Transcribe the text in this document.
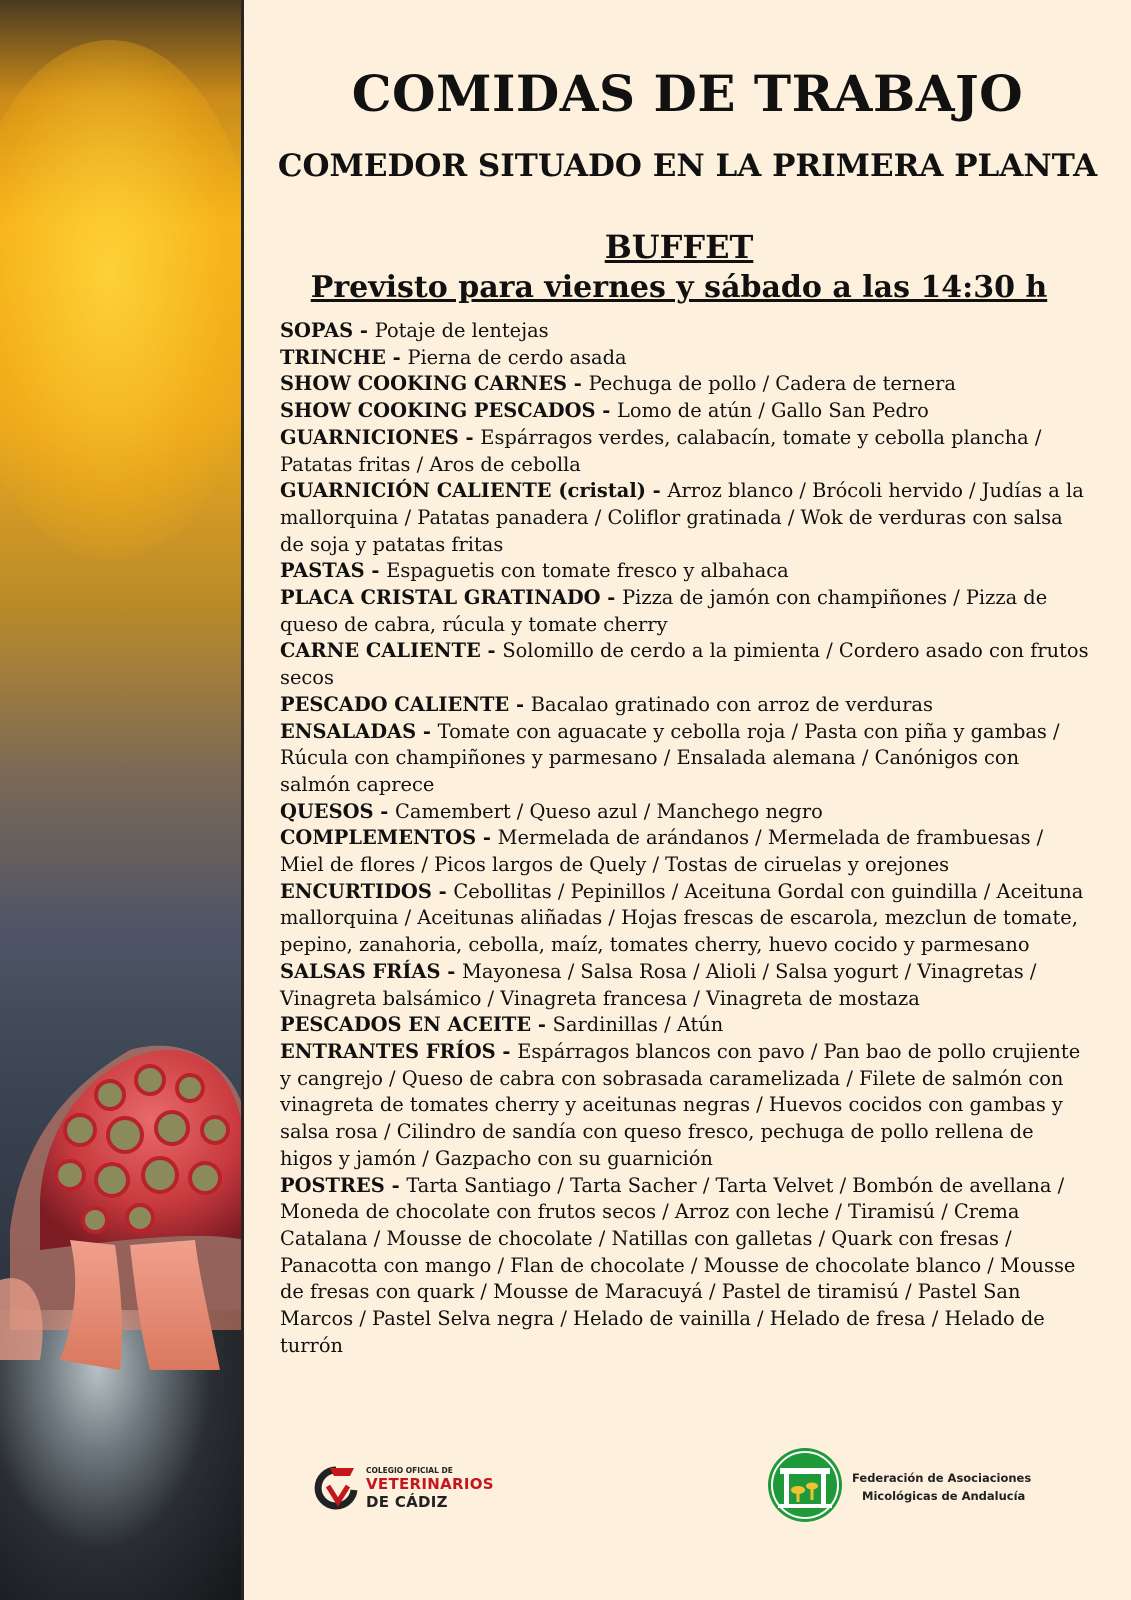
COMIDAS DE TRABAJO
COMEDOR SITUADO EN LA PRIMERA PLANTA
BUFFET
Previsto para viernes y sábado a las 14:30 h

SOPAS - Potaje de lentejas

TRINCHE - Pierna de cerdo asada

SHOW COOKING CARNES - Pechuga de pollo / Cadera de ternera

SHOW COOKING PESCADOS - Lomo de atún / Gallo San Pedro

GUARNICIONES - Espárragos verdes, calabacín, tomate y cebolla plancha / Patatas fritas / Aros de cebolla

GUARNICIÓN CALIENTE (cristal) - Arroz blanco / Brócoli hervido / Judías a la mallorquina / Patatas panadera / Coliflor gratinada / Wok de verduras con salsa de soja y patatas fritas

PASTAS - Espaguetis con tomate fresco y albahaca

PLACA CRISTAL GRATINADO - Pizza de jamón con champiñones / Pizza de queso de cabra, rúcula y tomate cherry

CARNE CALIENTE - Solomillo de cerdo a la pimienta / Cordero asado con frutos secos

PESCADO CALIENTE - Bacalao gratinado con arroz de verduras

ENSALADAS - Tomate con aguacate y cebolla roja / Pasta con piña y gambas / Rúcula con champiñones y parmesano / Ensalada alemana / Canónigos con salmón caprece

QUESOS - Camembert / Queso azul / Manchego negro

COMPLEMENTOS - Mermelada de arándanos / Mermelada de frambuesas / Miel de flores / Picos largos de Quely / Tostas de ciruelas y orejones

ENCURTIDOS - Cebollitas / Pepinillos / Aceituna Gordal con guindilla / Aceituna mallorquina / Aceitunas aliñadas / Hojas frescas de escarola, mezclun de tomate, pepino, zanahoria, cebolla, maíz, tomates cherry, huevo cocido y parmesano

SALSAS FRÍAS - Mayonesa / Salsa Rosa / Alioli / Salsa yogurt / Vinagretas / Vinagreta balsámico / Vinagreta francesa / Vinagreta de mostaza

PESCADOS EN ACEITE - Sardinillas / Atún

ENTRANTES FRÍOS - Espárragos blancos con pavo / Pan bao de pollo crujiente y cangrejo / Queso de cabra con sobrasada caramelizada / Filete de salmón con vinagreta de tomates cherry y aceitunas negras / Huevos cocidos con gambas y salsa rosa / Cilindro de sandía con queso fresco, pechuga de pollo rellena de higos y jamón / Gazpacho con su guarnición

POSTRES - Tarta Santiago / Tarta Sacher / Tarta Velvet / Bombón de avellana / Moneda de chocolate con frutos secos / Arroz con leche / Tiramisú / Crema Catalana / Mousse de chocolate / Natillas con galletas / Quark con fresas / Panacotta con mango / Flan de chocolate / Mousse de chocolate blanco / Mousse de fresas con quark / Mousse de Maracuyá / Pastel de tiramisú / Pastel San Marcos / Pastel Selva negra / Helado de vainilla / Helado de fresa / Helado de turrón

COLEGIO OFICIAL DE
VETERINARIOS
DE CÁDIZ
Federación de Asociaciones
Micológicas de Andalucía
